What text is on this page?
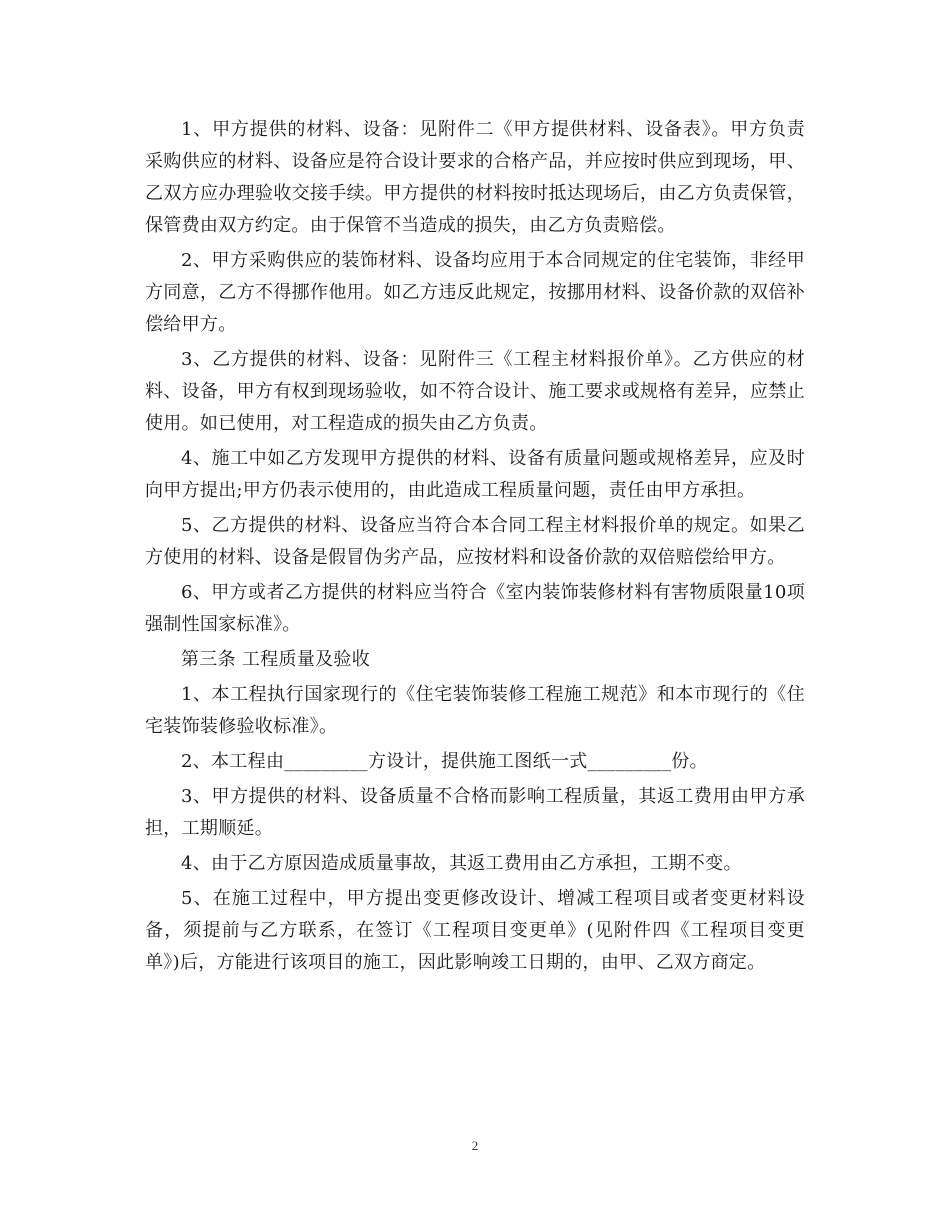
1、甲方提供的材料、设备：见附件二《甲方提供材料、设备表》。甲方负责采购供应的材料、设备应是符合设计要求的合格产品，并应按时供应到现场，甲、乙双方应办理验收交接手续。甲方提供的材料按时抵达现场后，由乙方负责保管，保管费由双方约定。由于保管不当造成的损失，由乙方负责赔偿。

2、甲方采购供应的装饰材料、设备均应用于本合同规定的住宅装饰，非经甲方同意，乙方不得挪作他用。如乙方违反此规定，按挪用材料、设备价款的双倍补偿给甲方。

3、乙方提供的材料、设备：见附件三《工程主材料报价单》。乙方供应的材料、设备，甲方有权到现场验收，如不符合设计、施工要求或规格有差异，应禁止使用。如已使用，对工程造成的损失由乙方负责。

4、施工中如乙方发现甲方提供的材料、设备有质量问题或规格差异，应及时向甲方提出;甲方仍表示使用的，由此造成工程质量问题，责任由甲方承担。

5、乙方提供的材料、设备应当符合本合同工程主材料报价单的规定。如果乙方使用的材料、设备是假冒伪劣产品，应按材料和设备价款的双倍赔偿给甲方。

6、甲方或者乙方提供的材料应当符合《室内装饰装修材料有害物质限量10项强制性国家标准》。

第三条 工程质量及验收

1、本工程执行国家现行的《住宅装饰装修工程施工规范》和本市现行的《住宅装饰装修验收标准》。

2、本工程由_________方设计，提供施工图纸一式_________份。

3、甲方提供的材料、设备质量不合格而影响工程质量，其返工费用由甲方承担，工期顺延。

4、由于乙方原因造成质量事故，其返工费用由乙方承担，工期不变。

5、在施工过程中，甲方提出变更修改设计、增减工程项目或者变更材料设备，须提前与乙方联系，在签订《工程项目变更单》(见附件四《工程项目变更单》)后，方能进行该项目的施工，因此影响竣工日期的，由甲、乙双方商定。

2
